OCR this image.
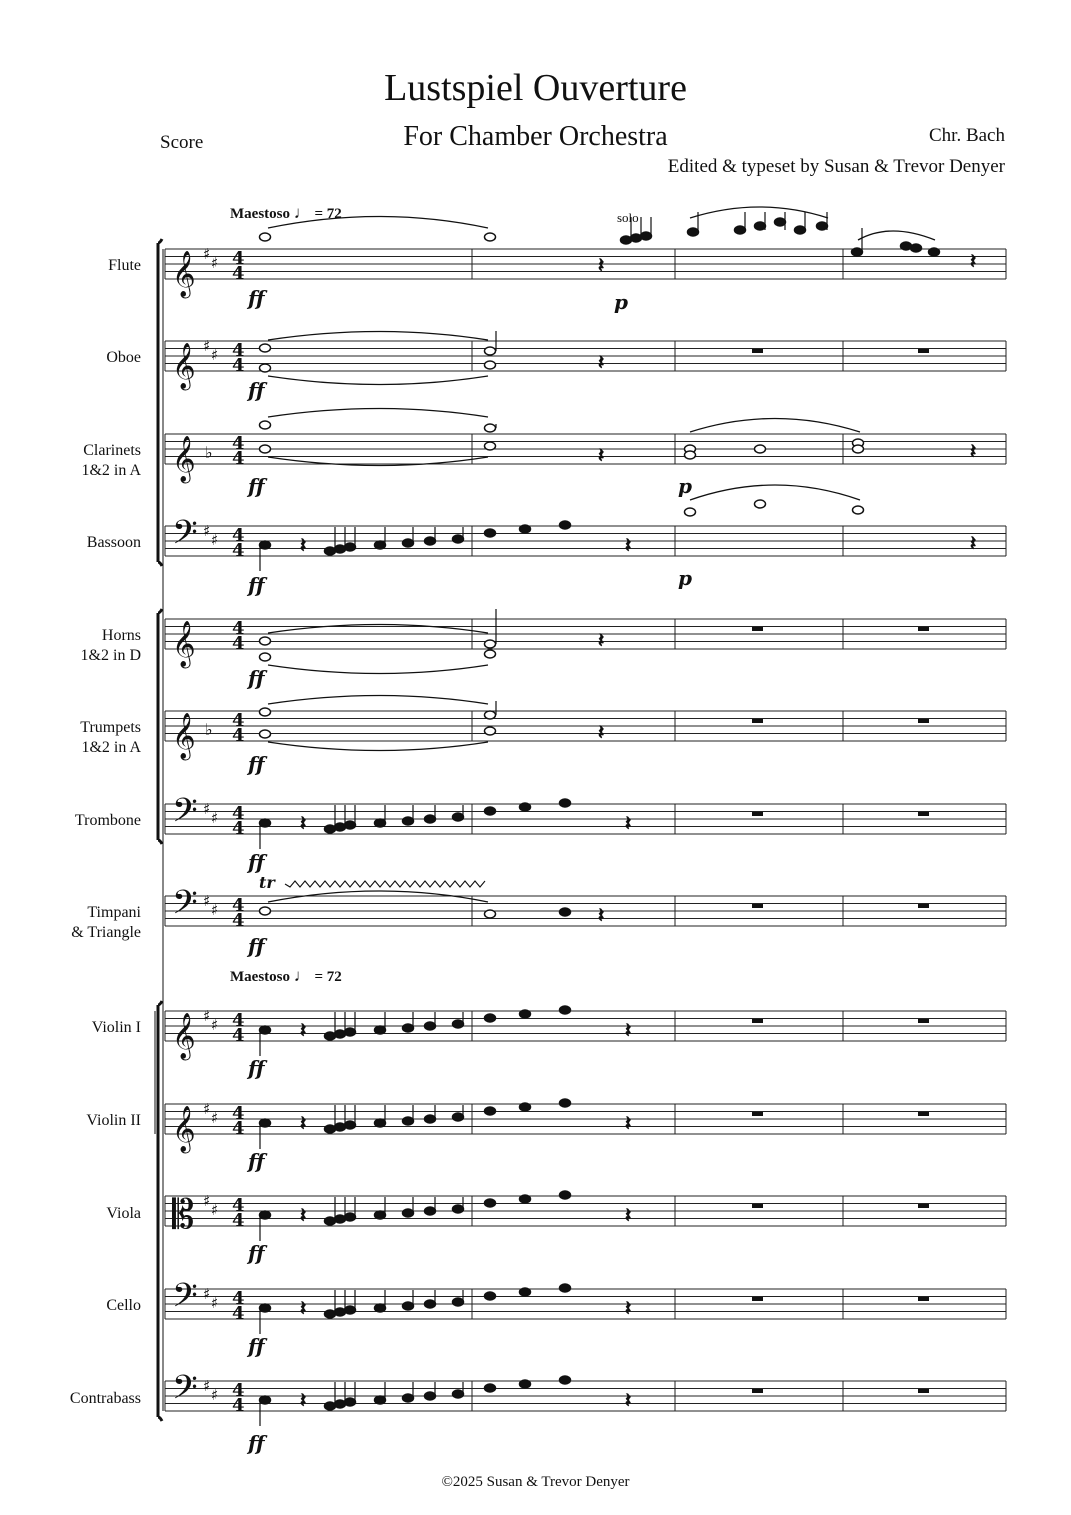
Lustspiel Ouverture
For Chamber Orchestra
Score	Chr. Bach
Edited & typeset by Susan & Trevor Denyer
Flute
Oboe
Clarinets
1&2 in A
Bassoon
Horns
1&2 in D
Trumpets
1&2 in A
Trombone
Timpani
& Triangle
Violin I
Violin II
Viola
Cello
Contrabass
Maestoso ♩ = 72
Maestoso ♩ = 72
solo
ff	p
ff
ff	p
ff	p
ff
ff
ff
ff
ff
ff
ff
ff
ff
tr
𝄞 ♯ ♯ 4
4
𝄞 ♯ ♯ 4
4
𝄞 ♭ 4
4
𝄢 ♯ ♯ 4
4
𝄞 4
4
𝄞 ♭ 4
4
𝄢 ♯ ♯ 4
4
𝄢 ♯ ♯ 4
4
𝄞 ♯ ♯ 4
4
𝄞 ♯ ♯ 4
4
𝄡 ♯ ♯ 4
4
𝄢 ♯ ♯ 4
4
𝄢 ♯ ♯ 4
4
𝄽	𝄽
𝄽
𝄽
𝄽
𝄽
𝄽
𝄽	𝄽
𝄽	𝄽
𝄽	𝄽
𝄽	𝄽
𝄽	𝄽
𝄽	𝄽
𝄽	𝄽
𝄽
𝄽
©2025 Susan & Trevor Denyer
